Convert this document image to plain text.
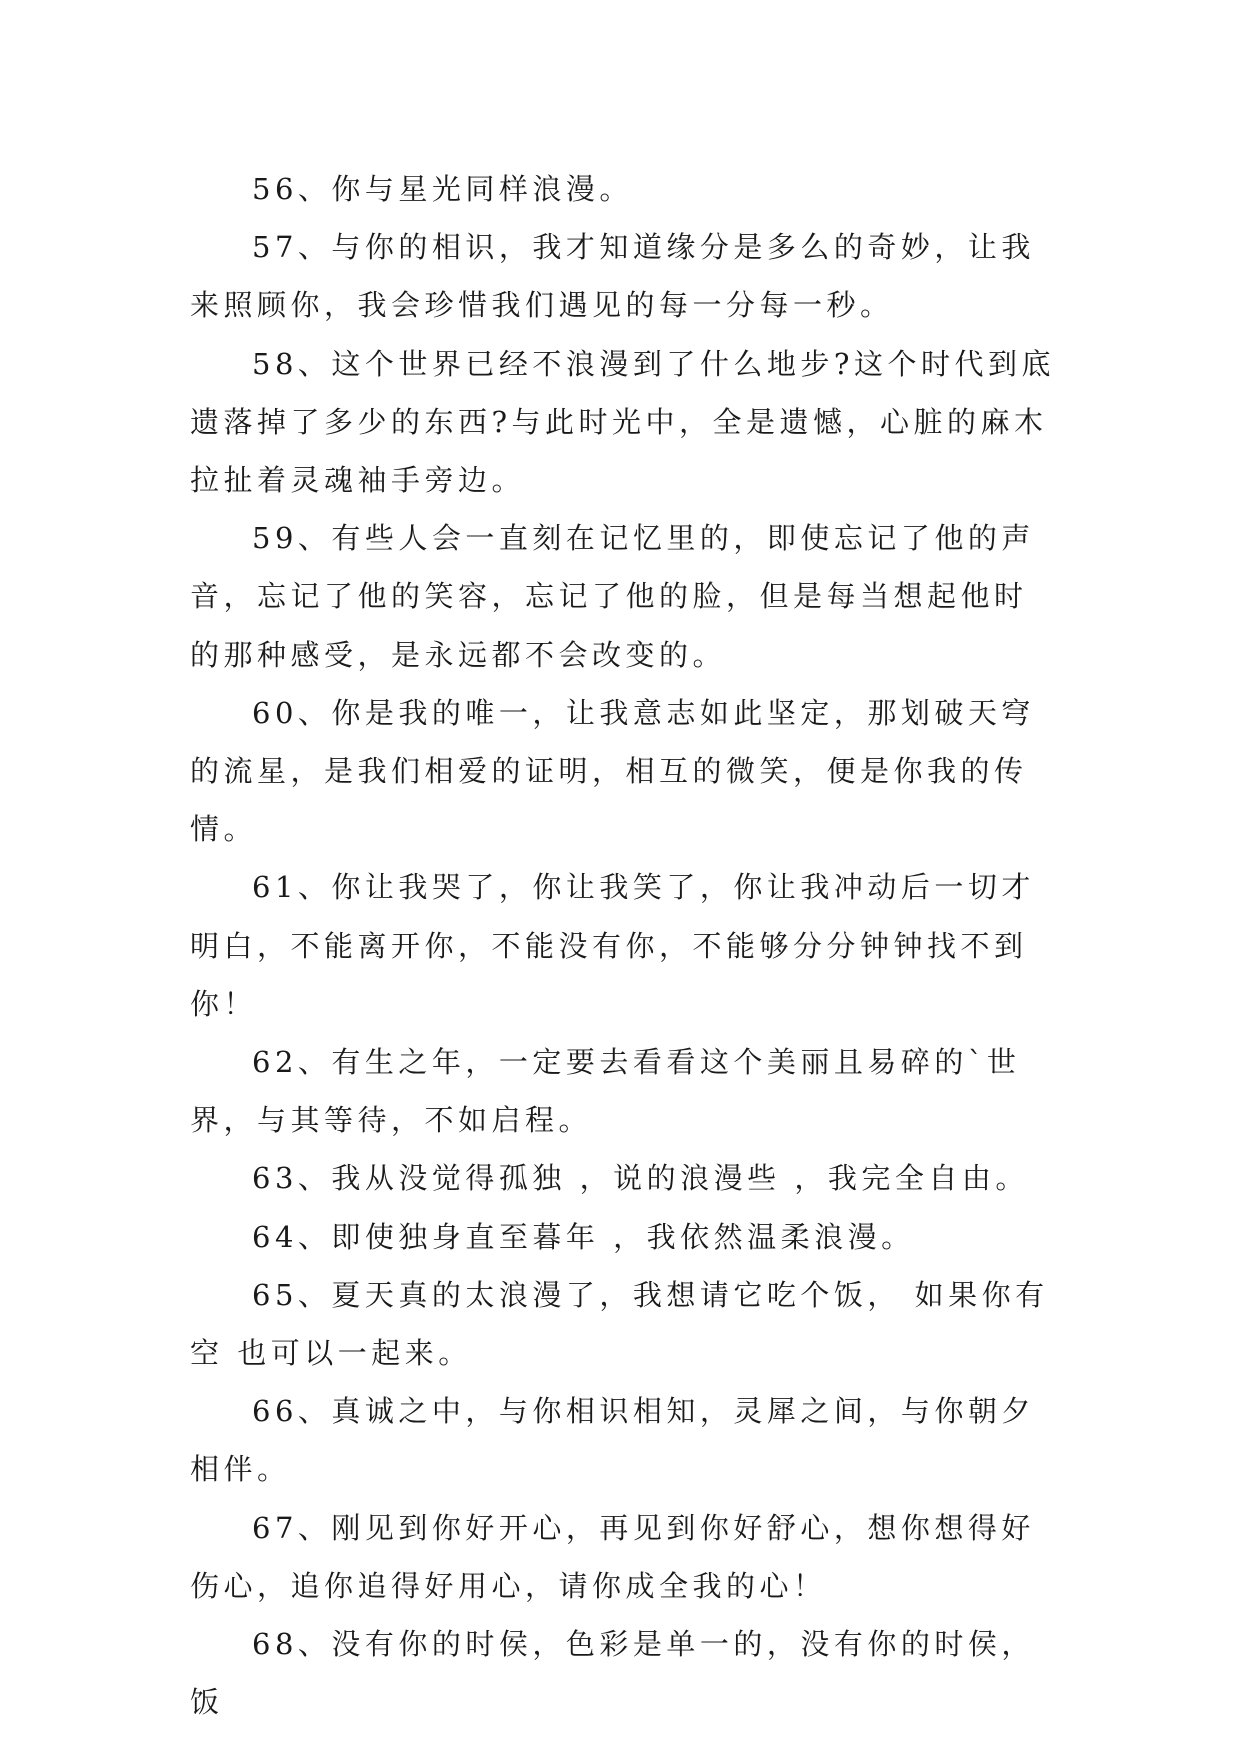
56、你与星光同样浪漫。

57、与你的相识，我才知道缘分是多么的奇妙，让我来照顾你，我会珍惜我们遇见的每一分每一秒。

58、这个世界已经不浪漫到了什么地步?这个时代到底遗落掉了多少的东西?与此时光中，全是遗憾，心脏的麻木拉扯着灵魂袖手旁边。

59、有些人会一直刻在记忆里的，即使忘记了他的声音，忘记了他的笑容，忘记了他的脸，但是每当想起他时的那种感受，是永远都不会改变的。

60、你是我的唯一，让我意志如此坚定，那划破天穹的流星，是我们相爱的证明，相互的微笑，便是你我的传情。

61、你让我哭了，你让我笑了，你让我冲动后一切才明白，不能离开你，不能没有你，不能够分分钟钟找不到你！

62、有生之年，一定要去看看这个美丽且易碎的`世界，与其等待，不如启程。

63、我从没觉得孤独 ，说的浪漫些 ，我完全自由。

64、即使独身直至暮年 ，我依然温柔浪漫。

65、夏天真的太浪漫了，我想请它吃个饭， 如果你有空 也可以一起来。

66、真诚之中，与你相识相知，灵犀之间，与你朝夕相伴。

67、刚见到你好开心，再见到你好舒心，想你想得好伤心，追你追得好用心，请你成全我的心！

68、没有你的时侯，色彩是单一的，没有你的时侯，饭
